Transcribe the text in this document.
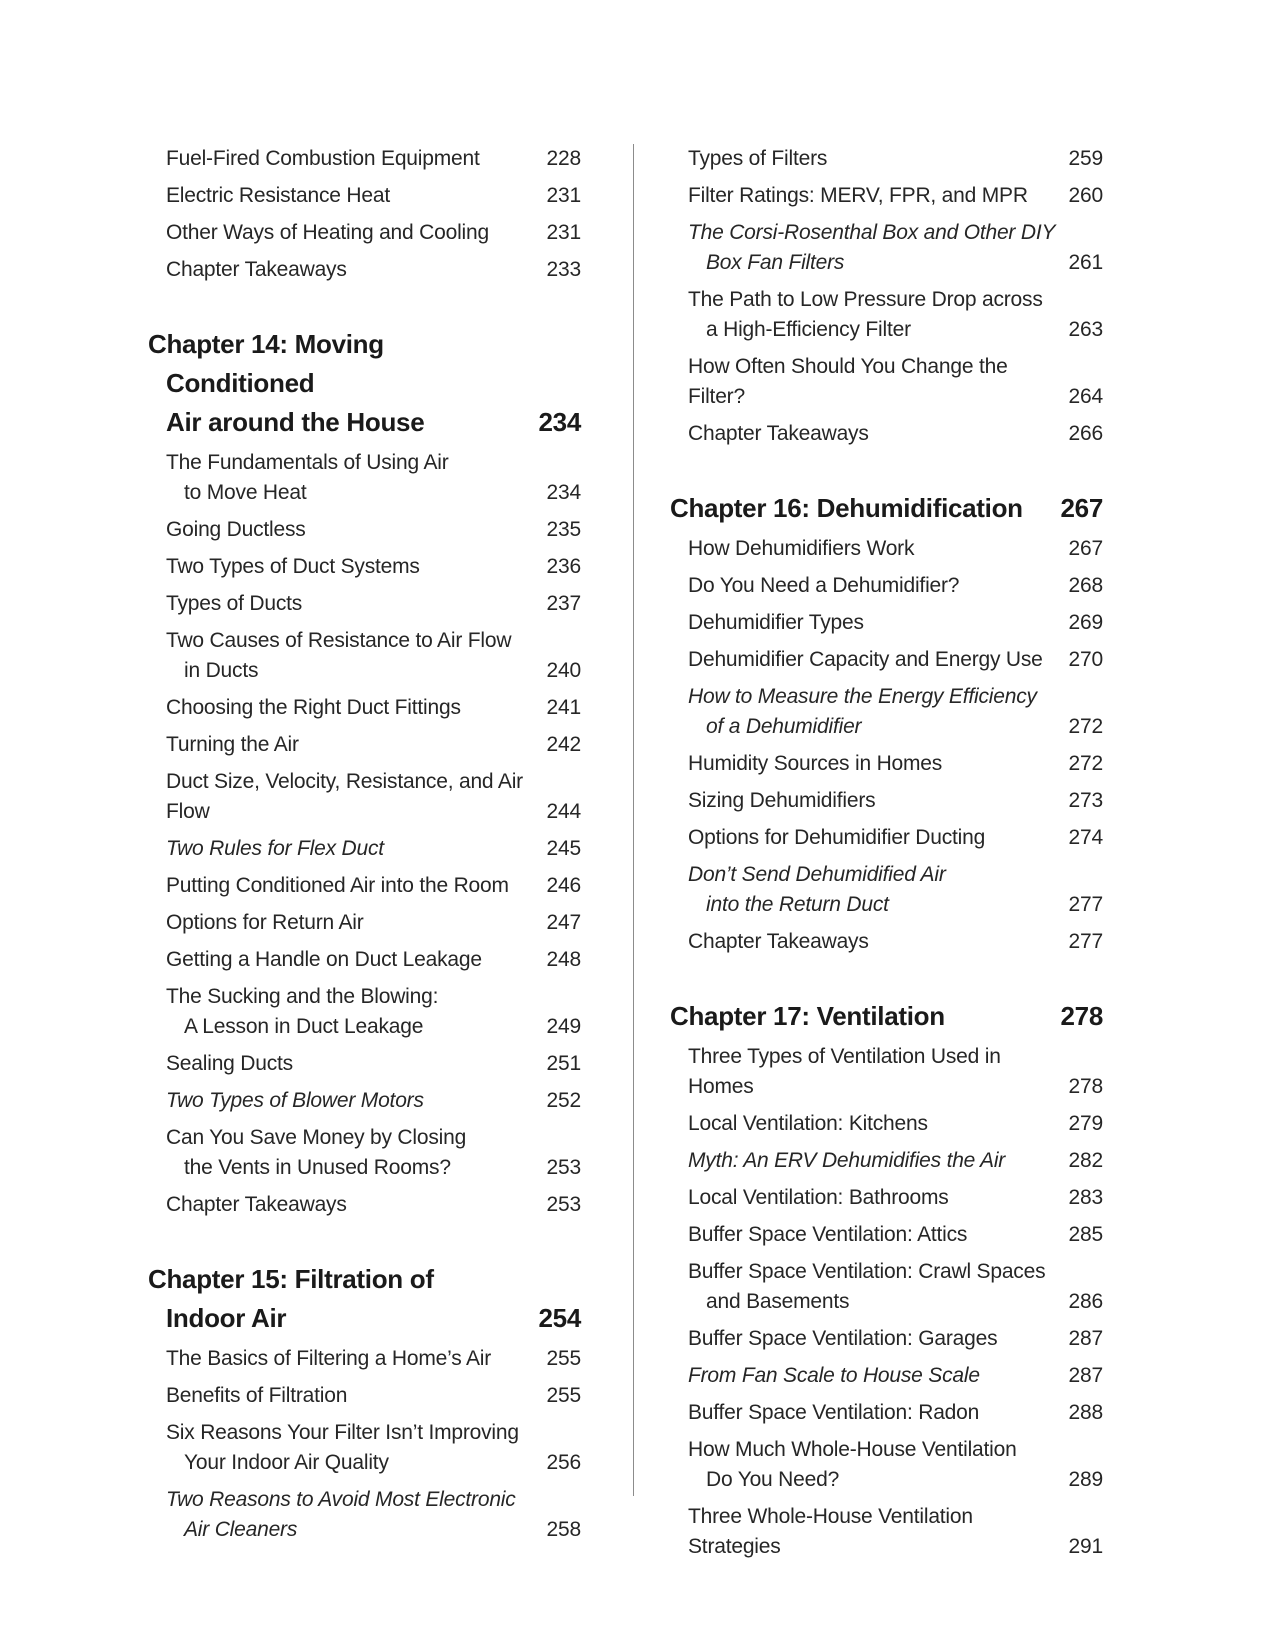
Fuel-Fired Combustion Equipment	228
Electric Resistance Heat	231
Other Ways of Heating and Cooling	231
Chapter Takeaways	233
Chapter 14: Moving Conditioned
Air around the House	234
The Fundamentals of Using Air
to Move Heat	234
Going Ductless	235
Two Types of Duct Systems	236
Types of Ducts	237
Two Causes of Resistance to Air Flow
in Ducts	240
Choosing the Right Duct Fittings	241
Turning the Air	242
Duct Size, Velocity, Resistance, and Air Flow	244
Two Rules for Flex Duct	245
Putting Conditioned Air into the Room	246
Options for Return Air	247
Getting a Handle on Duct Leakage	248
The Sucking and the Blowing:
A Lesson in Duct Leakage	249
Sealing Ducts	251
Two Types of Blower Motors	252
Can You Save Money by Closing
the Vents in Unused Rooms?	253
Chapter Takeaways	253
Chapter 15: Filtration of
Indoor Air	254
The Basics of Filtering a Home’s Air	255
Benefits of Filtration	255
Six Reasons Your Filter Isn’t Improving
Your Indoor Air Quality	256
Two Reasons to Avoid Most Electronic
Air Cleaners	258
Types of Filters	259
Filter Ratings: MERV, FPR, and MPR	260
The Corsi-Rosenthal Box and Other DIY
Box Fan Filters	261
The Path to Low Pressure Drop across
a High-Efficiency Filter	263
How Often Should You Change the Filter?	264
Chapter Takeaways	266
Chapter 16: Dehumidification 267
How Dehumidifiers Work	267
Do You Need a Dehumidifier?	268
Dehumidifier Types	269
Dehumidifier Capacity and Energy Use	270
How to Measure the Energy Efficiency
of a Dehumidifier	272
Humidity Sources in Homes	272
Sizing Dehumidifiers	273
Options for Dehumidifier Ducting	274
Don’t Send Dehumidified Air
into the Return Duct	277
Chapter Takeaways	277
Chapter 17: Ventilation	278
Three Types of Ventilation Used in Homes	278
Local Ventilation: Kitchens	279
Myth: An ERV Dehumidifies the Air	282
Local Ventilation: Bathrooms	283
Buffer Space Ventilation: Attics	285
Buffer Space Ventilation: Crawl Spaces
and Basements	286
Buffer Space Ventilation: Garages	287
From Fan Scale to House Scale	287
Buffer Space Ventilation: Radon	288
How Much Whole-House Ventilation
Do You Need?	289
Three Whole-House Ventilation Strategies	291
